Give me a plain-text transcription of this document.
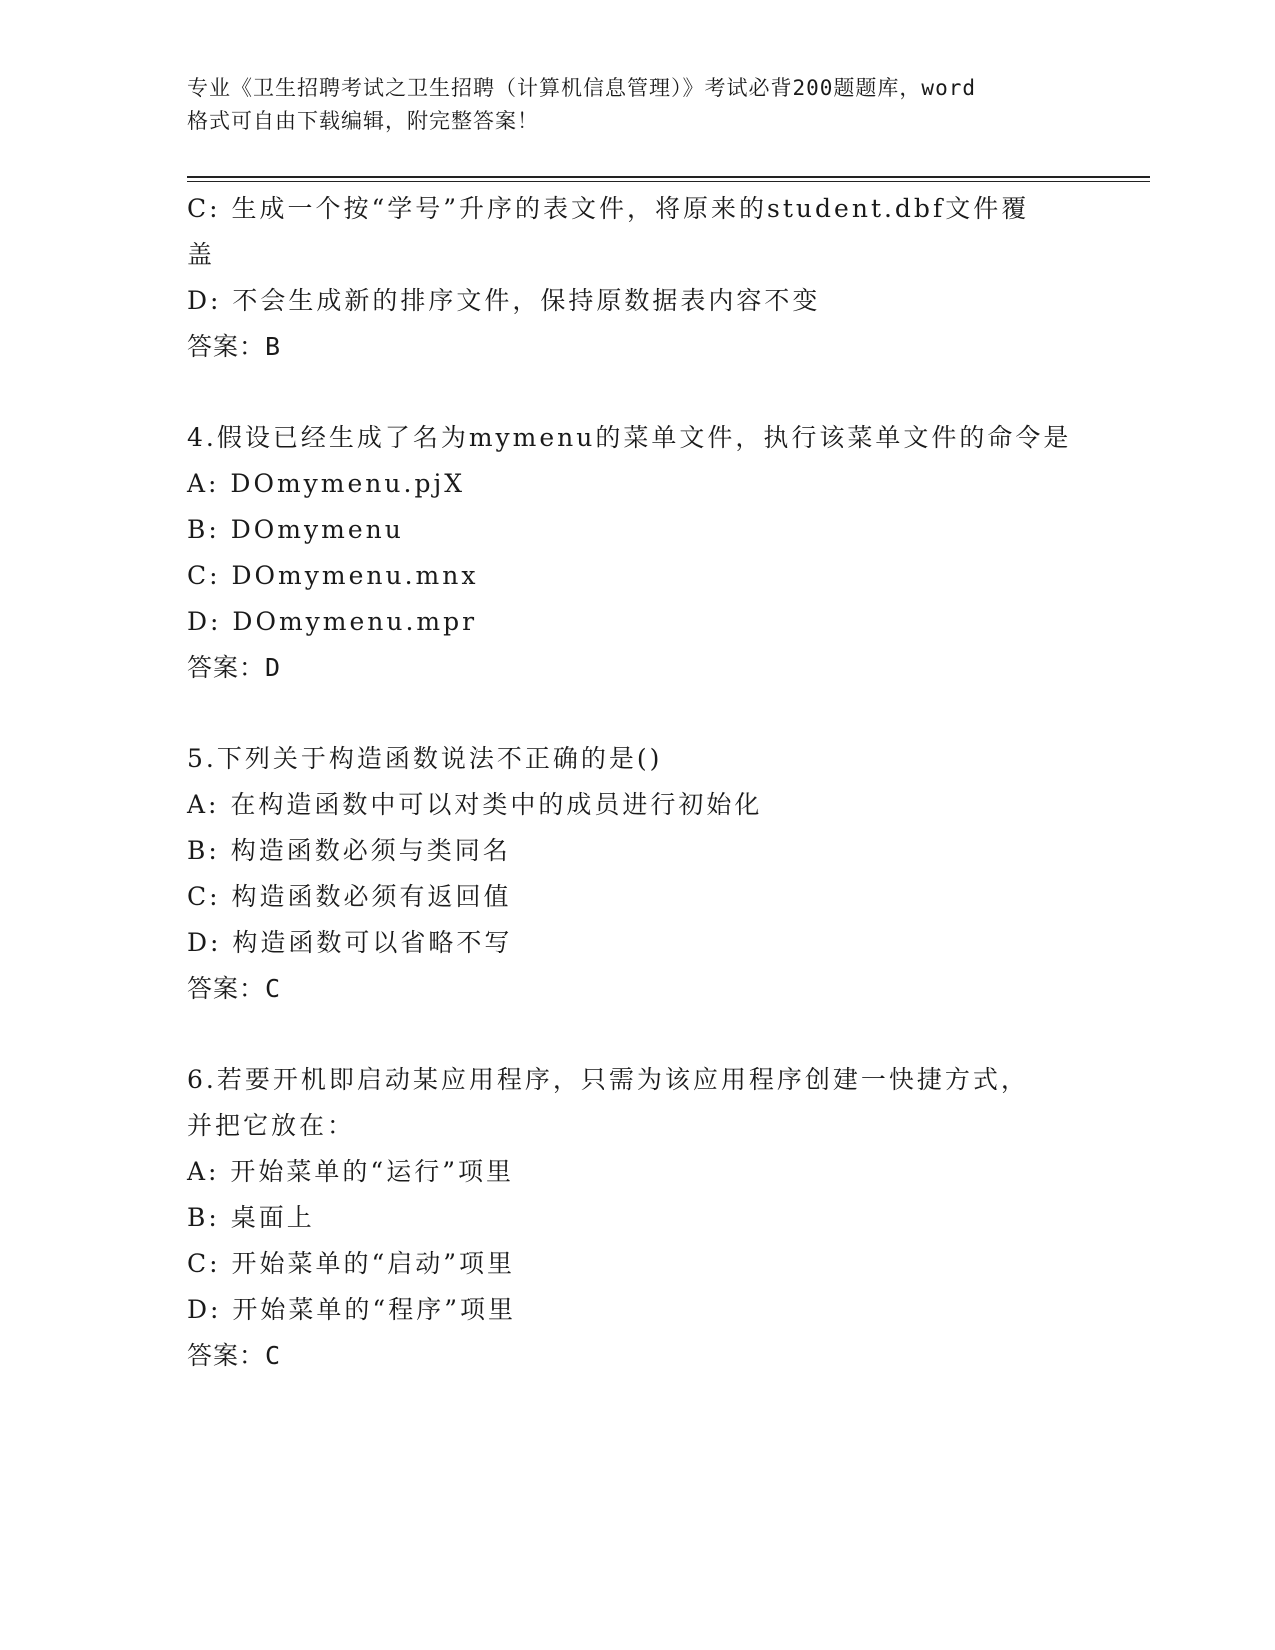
专业《卫生招聘考试之卫生招聘（计算机信息管理）》考试必背200题题库，word
格式可自由下载编辑，附完整答案！
C: 生成一个按“学号”升序的表文件，将原来的student.dbf文件覆
盖
D: 不会生成新的排序文件，保持原数据表内容不变
答案：B
4.假设已经生成了名为mymenu的菜单文件，执行该菜单文件的命令是
A: DOmymenu.pjX
B: DOmymenu
C: DOmymenu.mnx
D: DOmymenu.mpr
答案：D
5.下列关于构造函数说法不正确的是()
A: 在构造函数中可以对类中的成员进行初始化
B: 构造函数必须与类同名
C: 构造函数必须有返回值
D: 构造函数可以省略不写
答案：C
6.若要开机即启动某应用程序，只需为该应用程序创建一快捷方式，
并把它放在：
A: 开始菜单的“运行”项里
B: 桌面上
C: 开始菜单的“启动”项里
D: 开始菜单的“程序”项里
答案：C
